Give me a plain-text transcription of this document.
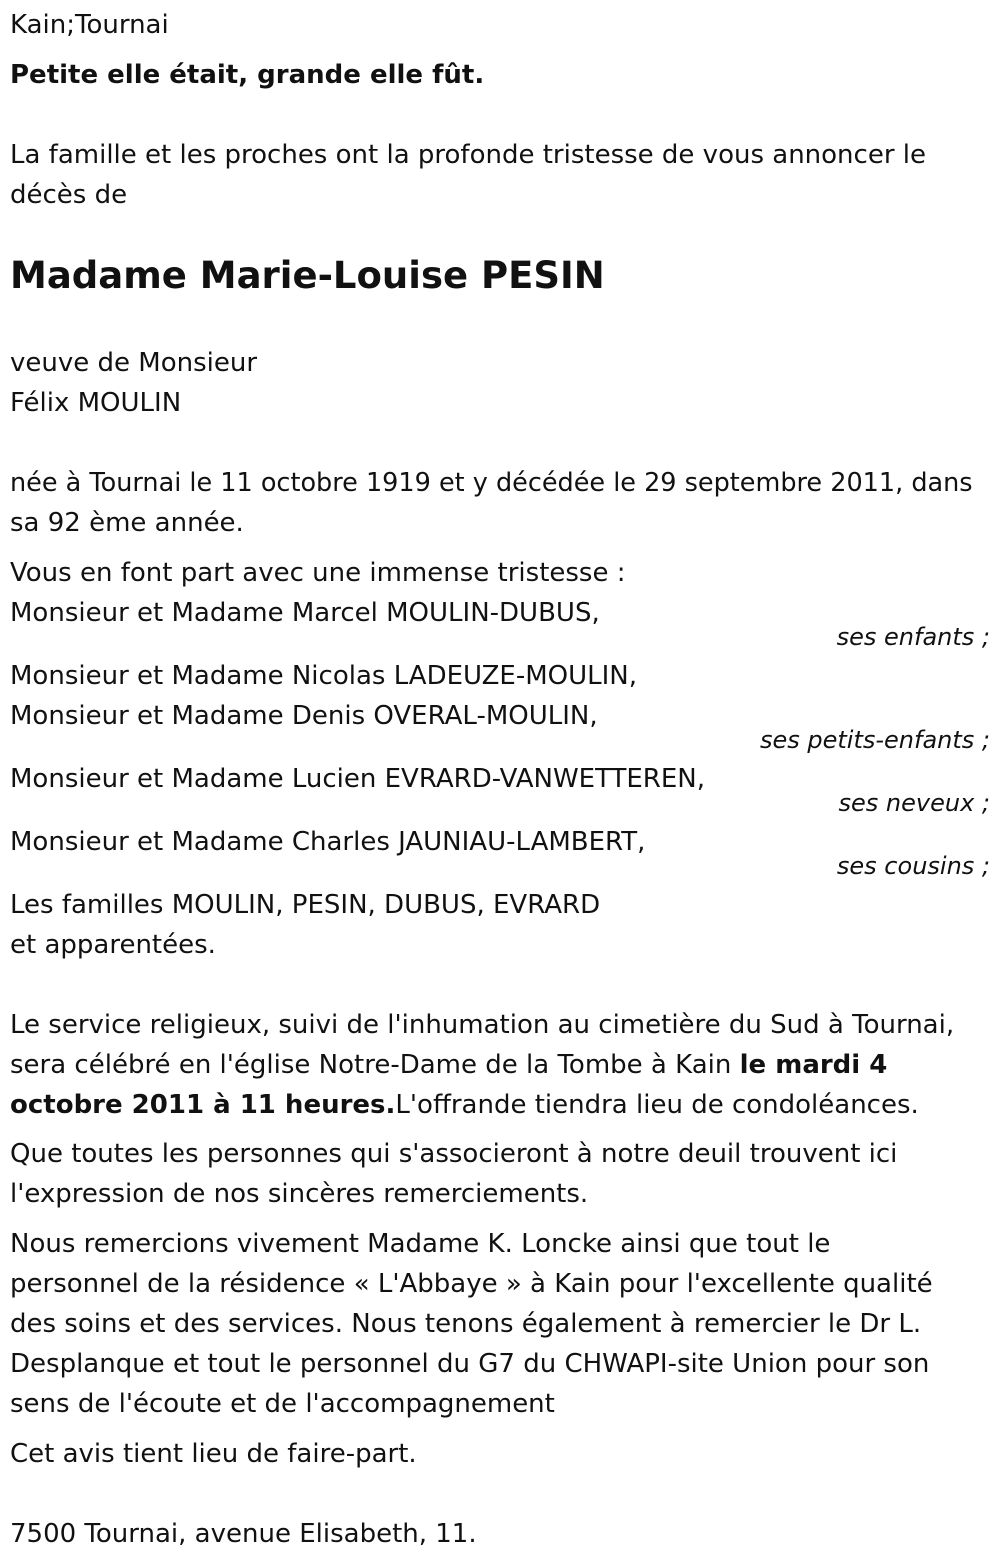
Kain;Tournai
Petite elle était, grande elle fût.
La famille et les proches ont la profonde tristesse de vous annoncer le
décès de
Madame Marie-Louise PESIN
veuve de Monsieur
Félix MOULIN
née à Tournai le 11 octobre 1919 et y décédée le 29 septembre 2011, dans
sa 92 ème année.
Vous en font part avec une immense tristesse :
Monsieur et Madame Marcel MOULIN-DUBUS,
ses enfants ;
Monsieur et Madame Nicolas LADEUZE-MOULIN,
Monsieur et Madame Denis OVERAL-MOULIN,
ses petits-enfants ;
Monsieur et Madame Lucien EVRARD-VANWETTEREN,
ses neveux ;
Monsieur et Madame Charles JAUNIAU-LAMBERT,
ses cousins ;
Les familles MOULIN, PESIN, DUBUS, EVRARD
et apparentées.
Le service religieux, suivi de l'inhumation au cimetière du Sud à Tournai,
sera célébré en l'église Notre-Dame de la Tombe à Kain le mardi 4
octobre 2011 à 11 heures.L'offrande tiendra lieu de condoléances.
Que toutes les personnes qui s'associeront à notre deuil trouvent ici
l'expression de nos sincères remerciements.
Nous remercions vivement Madame K. Loncke ainsi que tout le
personnel de la résidence « L'Abbaye » à Kain pour l'excellente qualité
des soins et des services. Nous tenons également à remercier le Dr L.
Desplanque et tout le personnel du G7 du CHWAPI-site Union pour son
sens de l'écoute et de l'accompagnement
Cet avis tient lieu de faire-part.
7500 Tournai, avenue Elisabeth, 11.
